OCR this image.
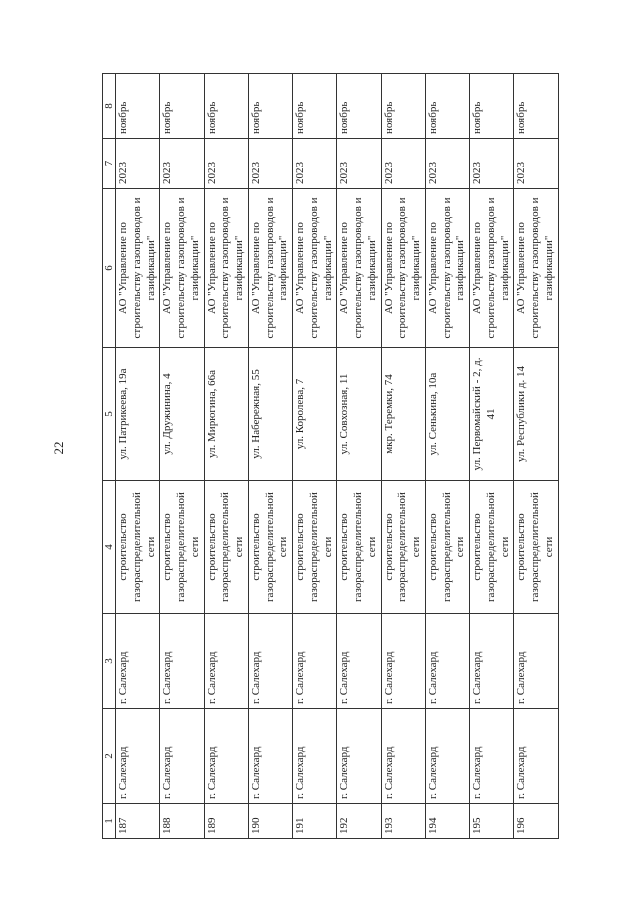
22
1	2	3	4	5	6	7	8
187	г. Салехард	г. Салехард	строительство газораспределительной сети	ул. Патрикеева, 19а	АО "Управление по строительству газопроводов и газификации"	2023	ноябрь
188	г. Салехард	г. Салехард	строительство газораспределительной сети	ул. Дружинина, 4	АО "Управление по строительству газопроводов и газификации"	2023	ноябрь
189	г. Салехард	г. Салехард	строительство газораспределительной сети	ул. Мирюгина, 66а	АО "Управление по строительству газопроводов и газификации"	2023	ноябрь
190	г. Салехард	г. Салехард	строительство газораспределительной сети	ул. Набережная, 55	АО "Управление по строительству газопроводов и газификации"	2023	ноябрь
191	г. Салехард	г. Салехард	строительство газораспределительной сети	ул. Королева, 7	АО "Управление по строительству газопроводов и газификации"	2023	ноябрь
192	г. Салехард	г. Салехард	строительство газораспределительной сети	ул. Совхозная, 11	АО "Управление по строительству газопроводов и газификации"	2023	ноябрь
193	г. Салехард	г. Салехард	строительство газораспределительной сети	мкр. Теремки, 74	АО "Управление по строительству газопроводов и газификации"	2023	ноябрь
194	г. Салехард	г. Салехард	строительство газораспределительной сети	ул. Сенькина, 10а	АО "Управление по строительству газопроводов и газификации"	2023	ноябрь
195	г. Салехард	г. Салехард	строительство газораспределительной сети	ул. Первомайский - 2, д. 41	АО "Управление по строительству газопроводов и газификации"	2023	ноябрь
196	г. Салехард	г. Салехард	строительство газораспределительной сети	ул. Республики д. 14	АО "Управление по строительству газопроводов и газификации"	2023	ноябрь
